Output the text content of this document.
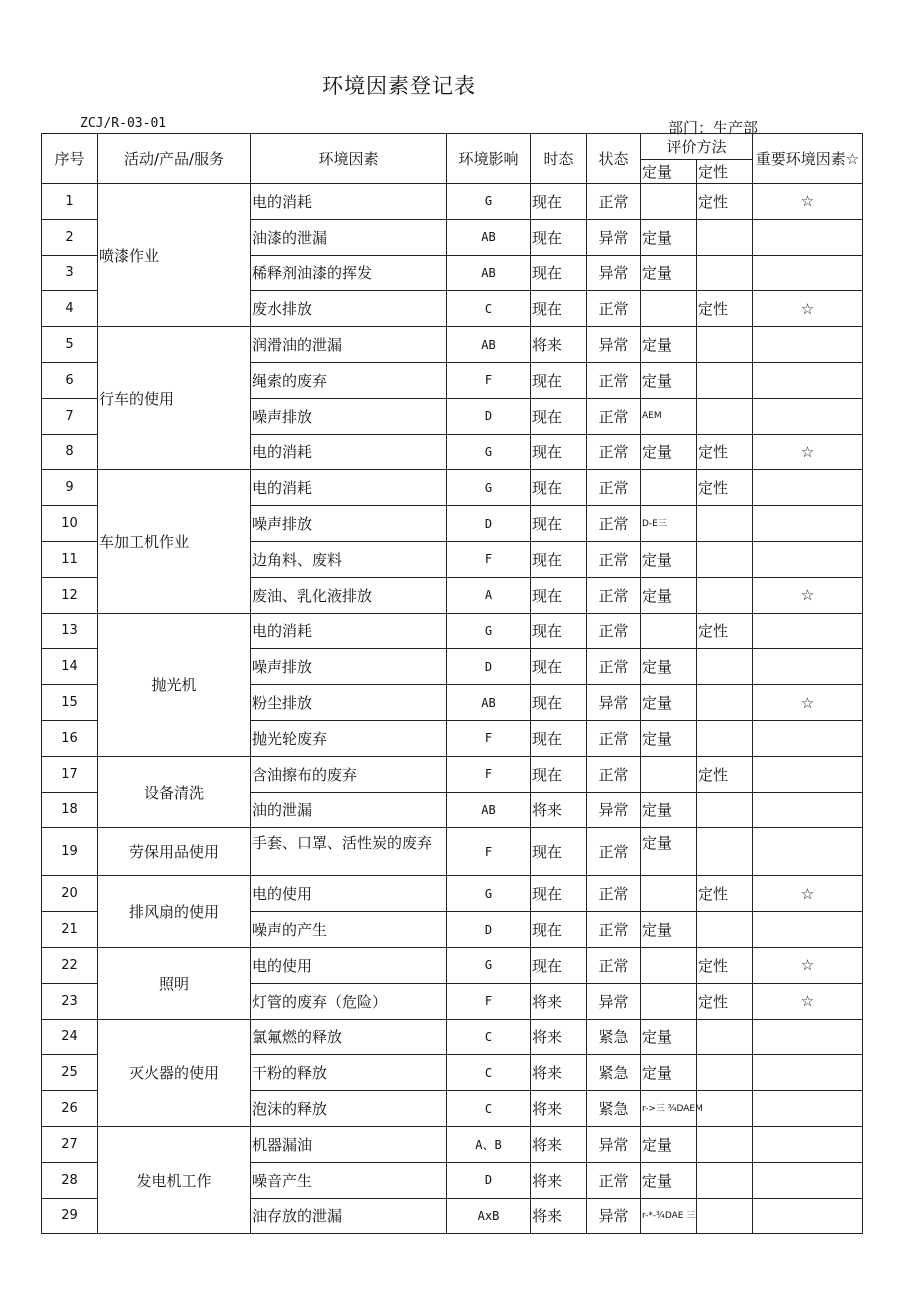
环境因素登记表
ZCJ/R-03-01	部门：生产部
序号	活动/产品/服务	环境因素	环境影响	时态	状态	评价方法		重要环境因素☆
						定量	定性	
1	喷漆作业	电的消耗	G	现在	正常		定性	☆
2		油漆的泄漏	AB	现在	异常	定量		
3		稀释剂油漆的挥发	AB	现在	异常	定量		
4		废水排放	C	现在	正常		定性	☆
5	行车的使用	润滑油的泄漏	AB	将来	异常	定量		
6		绳索的废弃	F	现在	正常	定量		
7		噪声排放	D	现在	正常	AEM		
8		电的消耗	G	现在	正常	定量	定性	☆
9	车加工机作业	电的消耗	G	现在	正常		定性	
10		噪声排放	D	现在	正常	D-E三		
11		边角料、废料	F	现在	正常	定量		
12		废油、乳化液排放	A	现在	正常	定量		☆
13	抛光机	电的消耗	G	现在	正常		定性	
14		噪声排放	D	现在	正常	定量		
15		粉尘排放	AB	现在	异常	定量		☆
16		抛光轮废弃	F	现在	正常	定量		
17	设备清洗	含油擦布的废弃	F	现在	正常		定性	
18		油的泄漏	AB	将来	异常	定量		
19	劳保用品使用	手套、口罩、活性炭的废弃	F	现在	正常	定量		
20	排风扇的使用	电的使用	G	现在	正常		定性	☆
21		噪声的产生	D	现在	正常	定量		
22	照明	电的使用	G	现在	正常		定性	☆
23		灯管的废弃（危险）	F	将来	异常		定性	☆
24	灭火器的使用	氯氟燃的释放	C	将来	紧急	定量		
25		干粉的释放	C	将来	紧急	定量		
26		泡沫的释放	C	将来	紧急	r->三 ¾DAEM		
27	发电机工作	机器漏油	A、B	将来	异常	定量		
28		噪音产生	D	将来	正常	定量		
29		油存放的泄漏	AxB	将来	异常	r-*-¾DAE 三		
